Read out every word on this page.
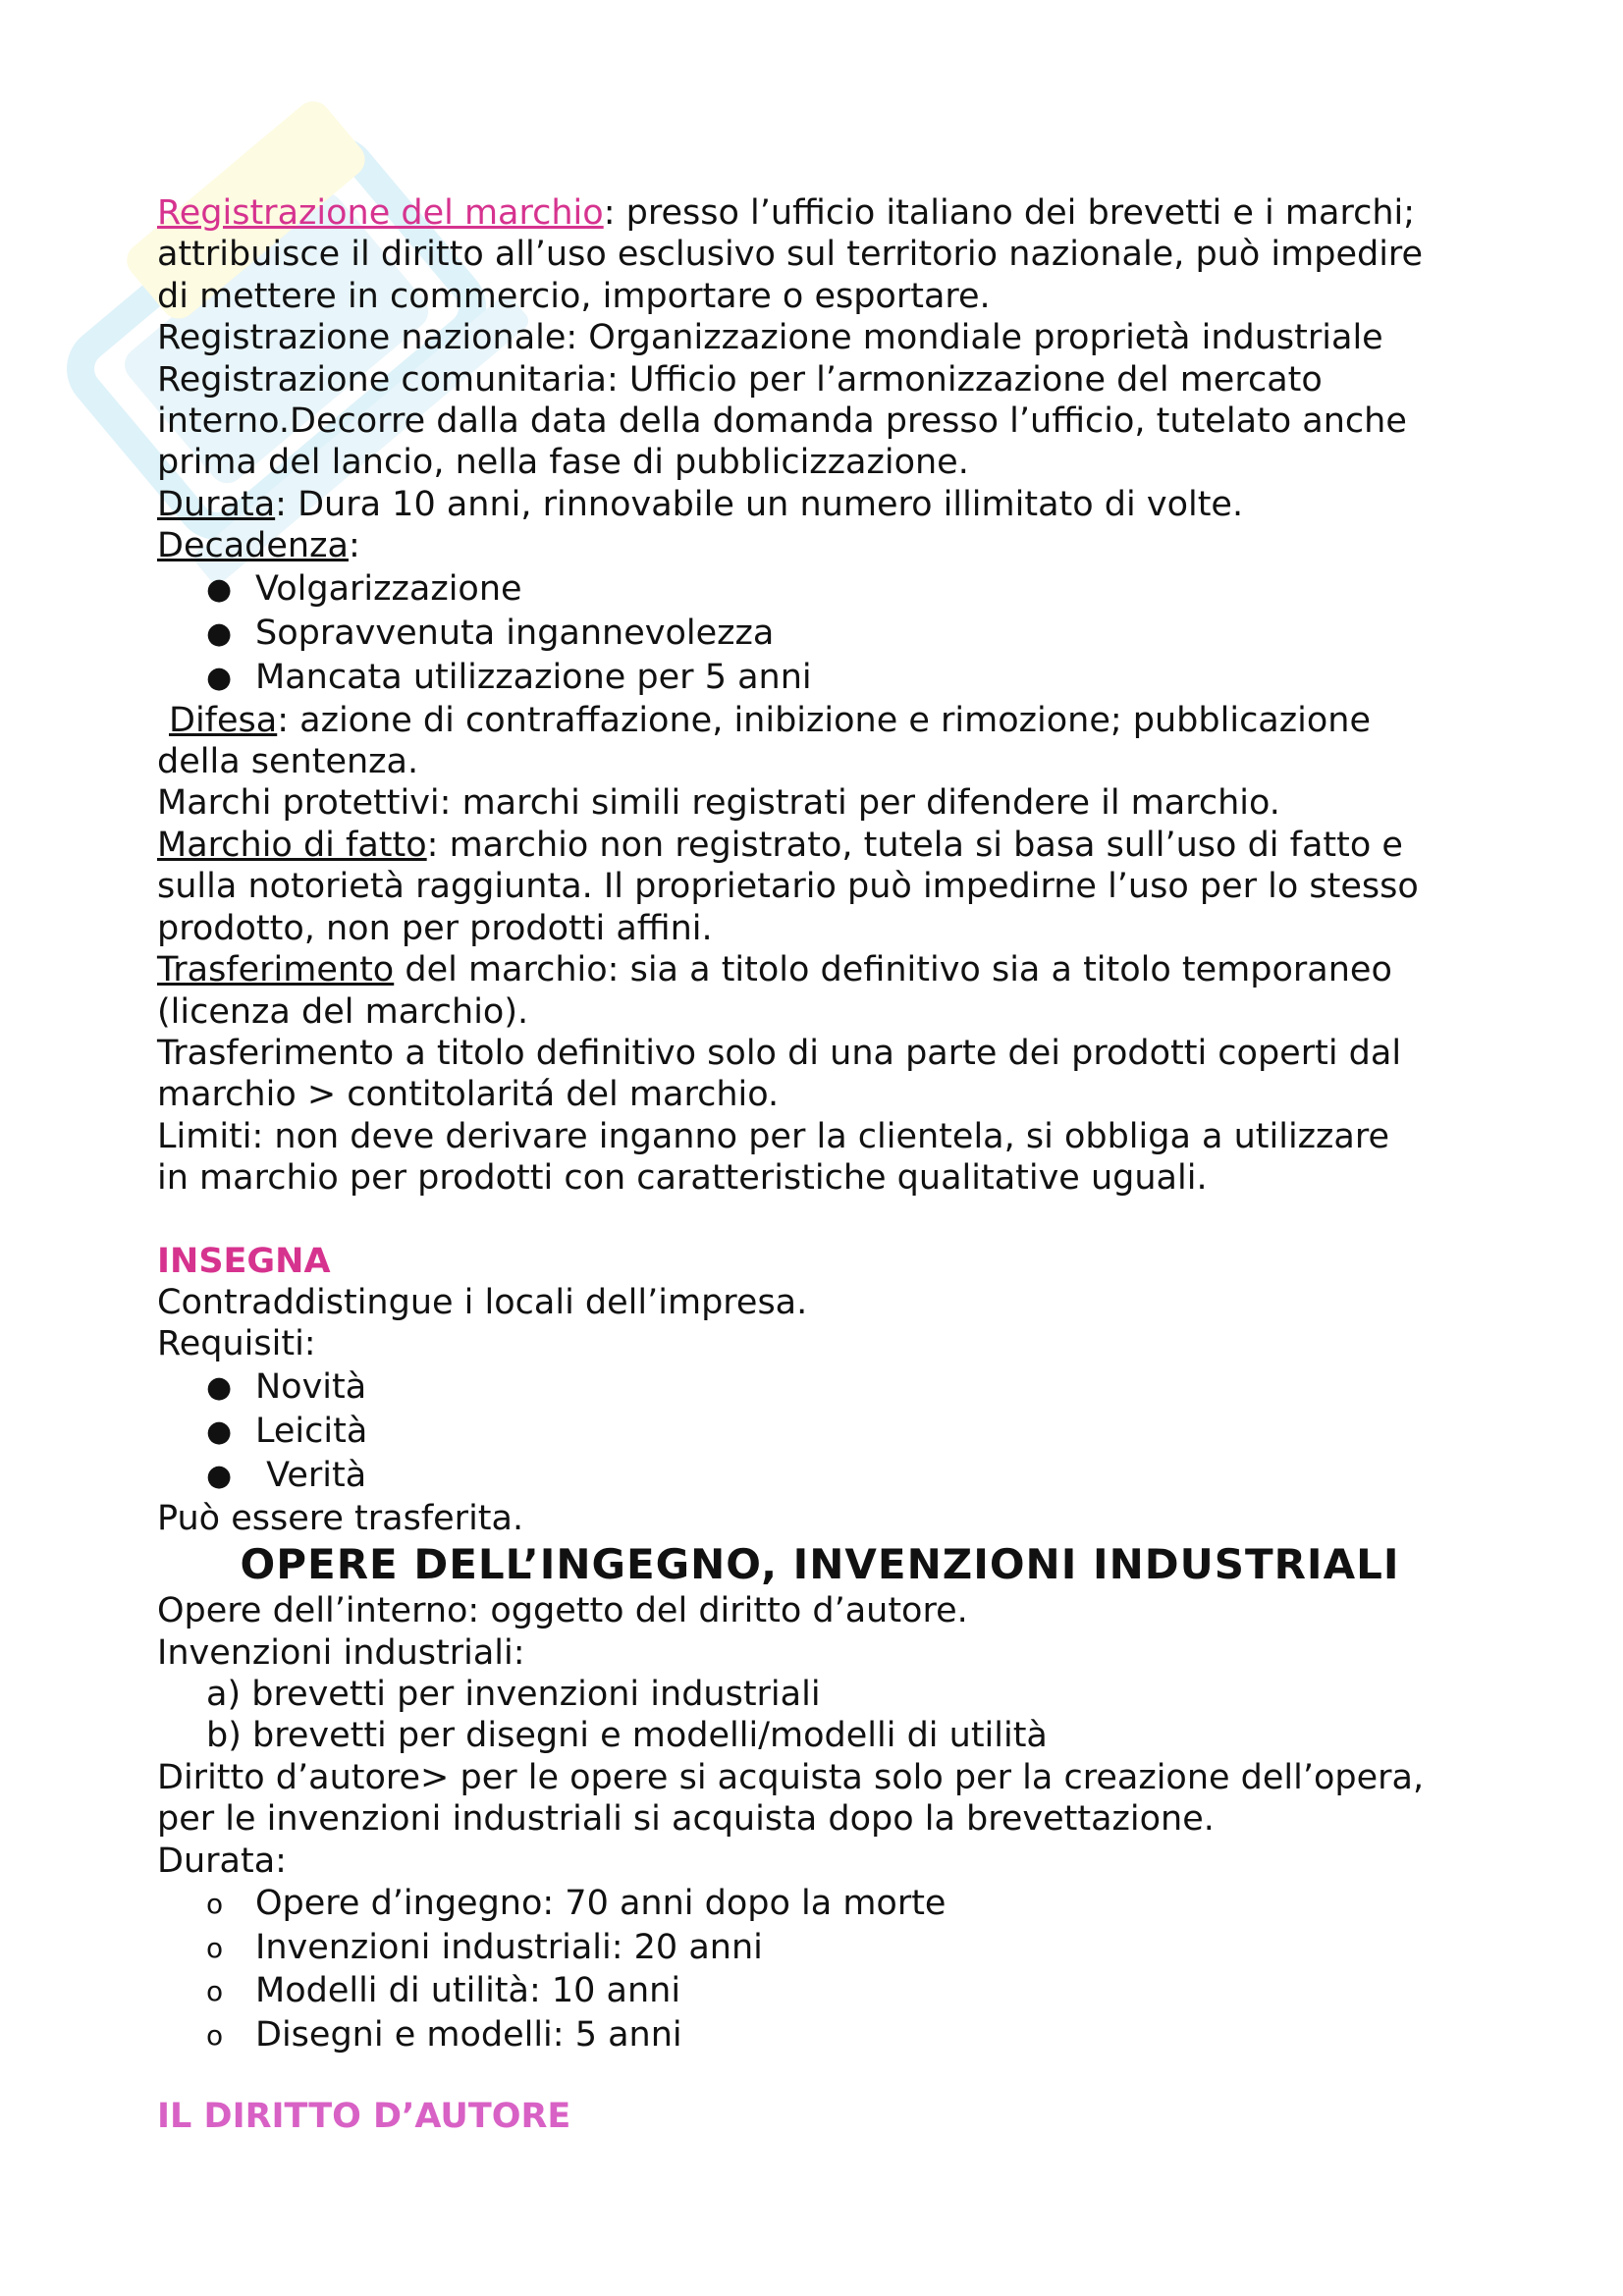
Registrazione del marchio: presso l’ufficio italiano dei brevetti e i marchi;
attribuisce il diritto all’uso esclusivo sul territorio nazionale, può impedire
di mettere in commercio, importare o esportare.
Registrazione nazionale: Organizzazione mondiale proprietà industriale
Registrazione comunitaria: Ufficio per l’armonizzazione del mercato
interno.Decorre dalla data della domanda presso l’ufficio, tutelato anche
prima del lancio, nella fase di pubblicizzazione.
Durata: Dura 10 anni, rinnovabile un numero illimitato di volte.
Decadenza:
● Volgarizzazione
● Sopravvenuta ingannevolezza
● Mancata utilizzazione per 5 anni
Difesa: azione di contraffazione, inibizione e rimozione; pubblicazione
della sentenza.
Marchi protettivi: marchi simili registrati per difendere il marchio.
Marchio di fatto: marchio non registrato, tutela si basa sull’uso di fatto e
sulla notorietà raggiunta. Il proprietario può impedirne l’uso per lo stesso
prodotto, non per prodotti affini.
Trasferimento del marchio: sia a titolo definitivo sia a titolo temporaneo
(licenza del marchio).
Trasferimento a titolo definitivo solo di una parte dei prodotti coperti dal
marchio > contitolaritá del marchio.
Limiti: non deve derivare inganno per la clientela, si obbliga a utilizzare
in marchio per prodotti con caratteristiche qualitative uguali.
INSEGNA
Contraddistingue i locali dell’impresa.
Requisiti:
● Novità
● Leicità
● Verità
Può essere trasferita.
OPERE DELL’INGEGNO, INVENZIONI INDUSTRIALI
Opere dell’interno: oggetto del diritto d’autore.
Invenzioni industriali:
a) brevetti per invenzioni industriali
b) brevetti per disegni e modelli/modelli di utilità
Diritto d’autore> per le opere si acquista solo per la creazione dell’opera,
per le invenzioni industriali si acquista dopo la brevettazione.
Durata:
o Opere d’ingegno: 70 anni dopo la morte
o Invenzioni industriali: 20 anni
o Modelli di utilità: 10 anni
o Disegni e modelli: 5 anni
IL DIRITTO D’AUTORE
